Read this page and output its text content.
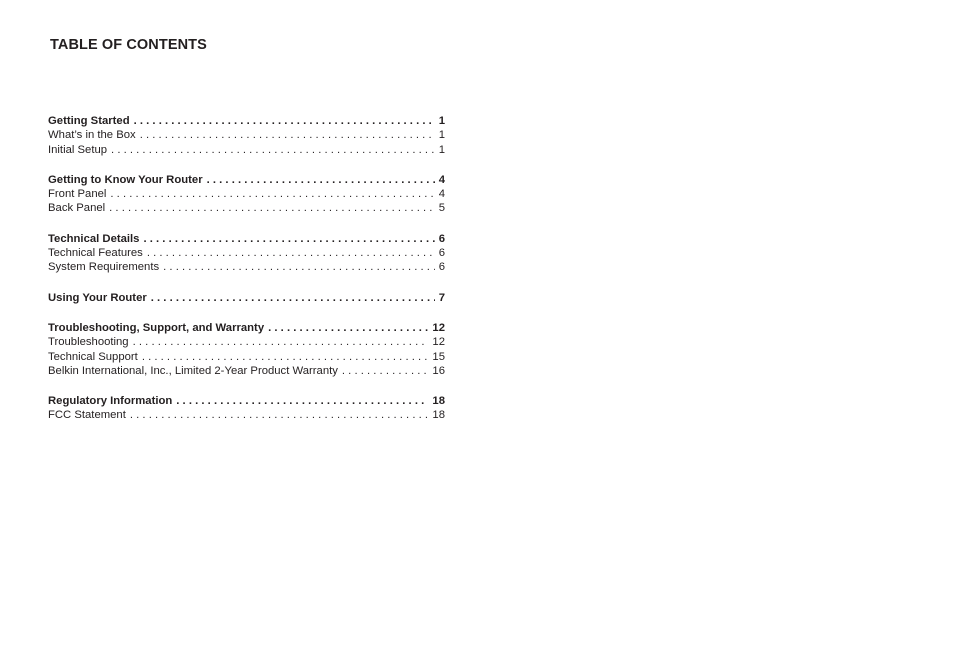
TABLE OF CONTENTS
Getting Started . . .	1
What’s in the Box . . .	1
Initial Setup . . .	1
Getting to Know Your Router . . .	4
Front Panel . . .	4
Back Panel . . .	5
Technical Details . . .	6
Technical Features . . .	6
System Requirements . . .	6
Using Your Router . . .	7
Troubleshooting, Support, and Warranty . . .	12
Troubleshooting . . .	12
Technical Support . . .	15
Belkin International, Inc., Limited 2-Year Product Warranty . . .	16
Regulatory Information . . .	18
FCC Statement . . .	18
